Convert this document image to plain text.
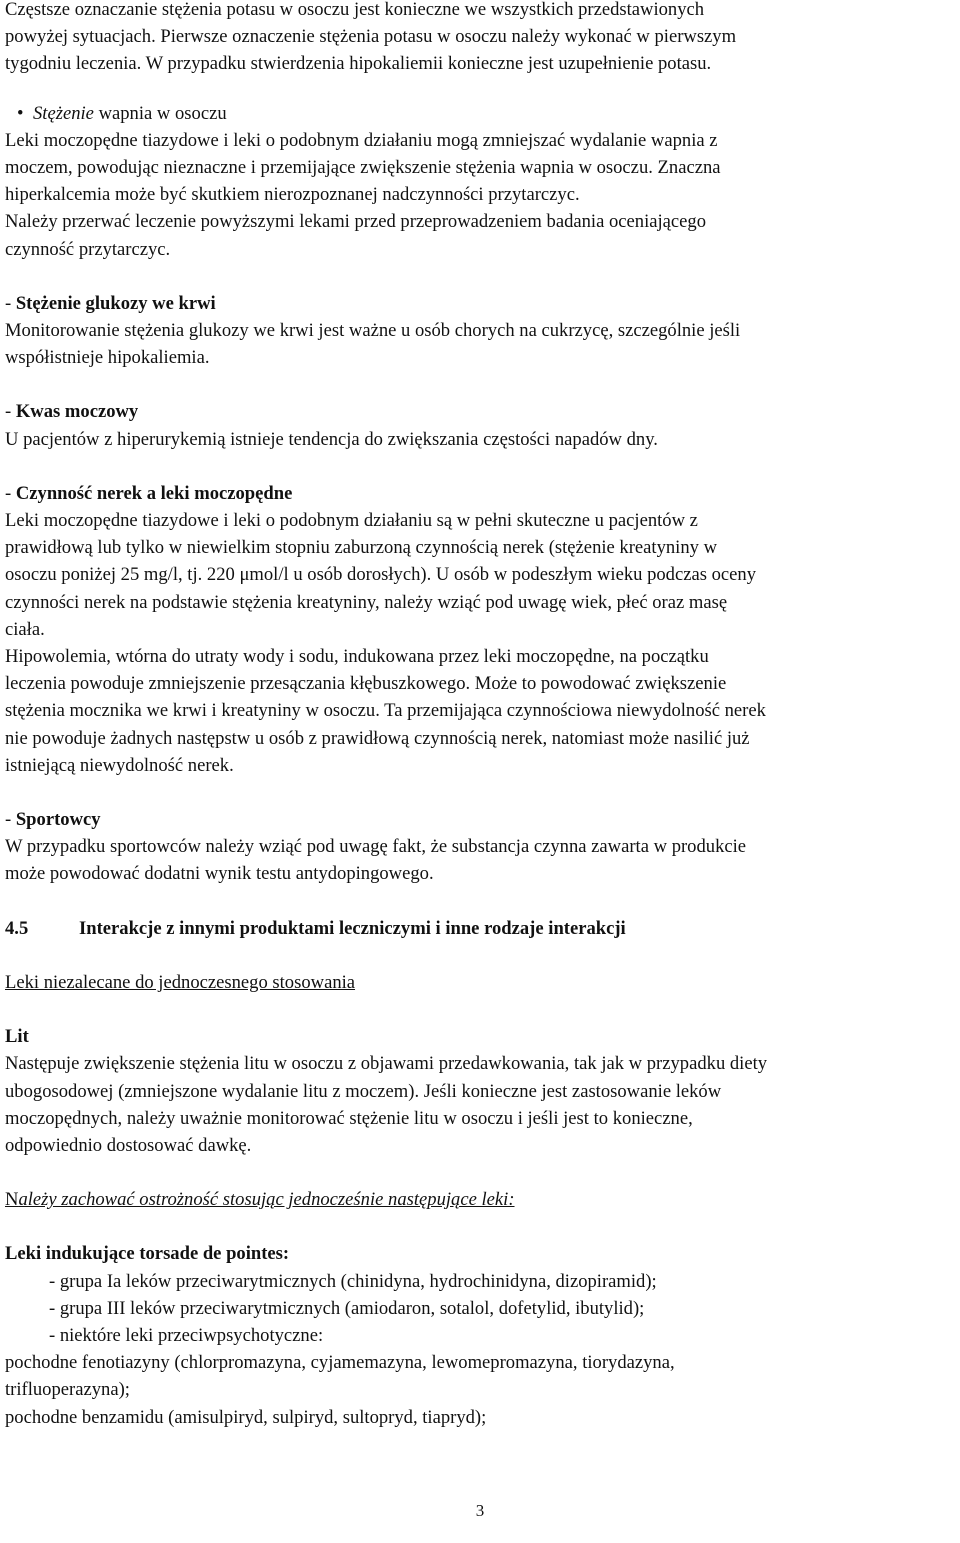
Częstsze oznaczanie stężenia potasu w osoczu jest konieczne we wszystkich przedstawionych

powyżej sytuacjach. Pierwsze oznaczenie stężenia potasu w osoczu należy wykonać w pierwszym

tygodniu leczenia. W przypadku stwierdzenia hipokaliemii konieczne jest uzupełnienie potasu.

• Stężenie wapnia w osoczu

Leki moczopędne tiazydowe i leki o podobnym działaniu mogą zmniejszać wydalanie wapnia z

moczem, powodując nieznaczne i przemijające zwiększenie stężenia wapnia w osoczu. Znaczna

hiperkalcemia może być skutkiem nierozpoznanej nadczynności przytarczyc.

Należy przerwać leczenie powyższymi lekami przed przeprowadzeniem badania oceniającego

czynność przytarczyc.

- Stężenie glukozy we krwi

Monitorowanie stężenia glukozy we krwi jest ważne u osób chorych na cukrzycę, szczególnie jeśli

współistnieje hipokaliemia.

- Kwas moczowy

U pacjentów z hiperurykemią istnieje tendencja do zwiększania częstości napadów dny.

- Czynność nerek a leki moczopędne

Leki moczopędne tiazydowe i leki o podobnym działaniu są w pełni skuteczne u pacjentów z

prawidłową lub tylko w niewielkim stopniu zaburzoną czynnością nerek (stężenie kreatyniny w

osoczu poniżej 25 mg/l, tj. 220 μmol/l u osób dorosłych). U osób w podeszłym wieku podczas oceny

czynności nerek na podstawie stężenia kreatyniny, należy wziąć pod uwagę wiek, płeć oraz masę

ciała.

Hipowolemia, wtórna do utraty wody i sodu, indukowana przez leki moczopędne, na początku

leczenia powoduje zmniejszenie przesączania kłębuszkowego. Może to powodować zwiększenie

stężenia mocznika we krwi i kreatyniny w osoczu. Ta przemijająca czynnościowa niewydolność nerek

nie powoduje żadnych następstw u osób z prawidłową czynnością nerek, natomiast może nasilić już

istniejącą niewydolność nerek.

- Sportowcy

W przypadku sportowców należy wziąć pod uwagę fakt, że substancja czynna zawarta w produkcie

może powodować dodatni wynik testu antydopingowego.

4.5	Interakcje z innymi produktami leczniczymi i inne rodzaje interakcji

Leki niezalecane do jednoczesnego stosowania

Lit

Następuje zwiększenie stężenia litu w osoczu z objawami przedawkowania, tak jak w przypadku diety

ubogosodowej (zmniejszone wydalanie litu z moczem). Jeśli konieczne jest zastosowanie leków

moczopędnych, należy uważnie monitorować stężenie litu w osoczu i jeśli jest to konieczne,

odpowiednio dostosować dawkę.

Należy zachować ostrożność stosując jednocześnie następujące leki:

Leki indukujące torsade de pointes:

- grupa Ia leków przeciwarytmicznych (chinidyna, hydrochinidyna, dizopiramid);

- grupa III leków przeciwarytmicznych (amiodaron, sotalol, dofetylid, ibutylid);

- niektóre leki przeciwpsychotyczne:

pochodne fenotiazyny (chlorpromazyna, cyjamemazyna, lewomepromazyna, tiorydazyna,

trifluoperazyna);

pochodne benzamidu (amisulpiryd, sulpiryd, sultopryd, tiapryd);

3
